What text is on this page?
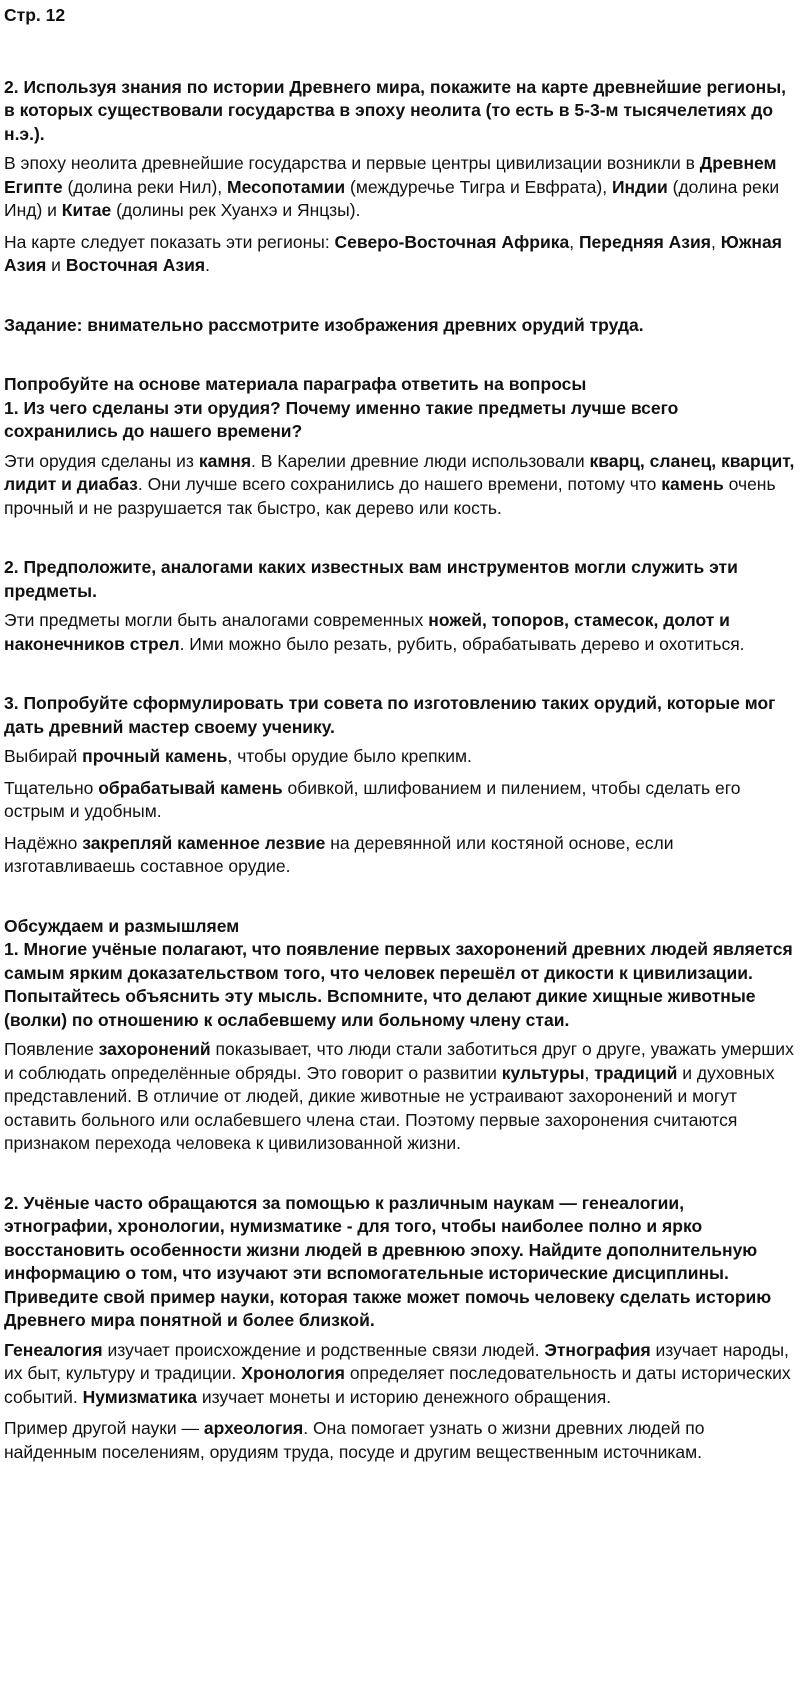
Стр. 12

2. Используя знания по истории Древнего мира, покажите на карте древнейшие регионы, в которых существовали государства в эпоху неолита (то есть в 5-3-м тысячелетиях до н.э.).

В эпоху неолита древнейшие государства и первые центры цивилизации возникли в Древнем Египте (долина реки Нил), Месопотамии (междуречье Тигра и Евфрата), Индии (долина реки Инд) и Китае (долины рек Хуанхэ и Янцзы).

На карте следует показать эти регионы: Северо-Восточная Африка, Передняя Азия, Южная Азия и Восточная Азия.

Задание: внимательно рассмотрите изображения древних орудий труда.

Попробуйте на основе материала параграфа ответить на вопросы

1. Из чего сделаны эти орудия? Почему именно такие предметы лучше всего сохранились до нашего времени?

Эти орудия сделаны из камня. В Карелии древние люди использовали кварц, сланец, кварцит, лидит и диабаз. Они лучше всего сохранились до нашего времени, потому что камень очень прочный и не разрушается так быстро, как дерево или кость.

2. Предположите, аналогами каких известных вам инструментов могли служить эти предметы.

Эти предметы могли быть аналогами современных ножей, топоров, стамесок, долот и наконечников стрел. Ими можно было резать, рубить, обрабатывать дерево и охотиться.

3. Попробуйте сформулировать три совета по изготовлению таких орудий, которые мог дать древний мастер своему ученику.

Выбирай прочный камень, чтобы орудие было крепким.

Тщательно обрабатывай камень обивкой, шлифованием и пилением, чтобы сделать его острым и удобным.

Надёжно закрепляй каменное лезвие на деревянной или костяной основе, если изготавливаешь составное орудие.

Обсуждаем и размышляем

1. Многие учёные полагают, что появление первых захоронений древних людей является самым ярким доказательством того, что человек перешёл от дикости к цивилизации. Попытайтесь объяснить эту мысль. Вспомните, что делают дикие хищные животные (волки) по отношению к ослабевшему или больному члену стаи.

Появление захоронений показывает, что люди стали заботиться друг о друге, уважать умерших и соблюдать определённые обряды. Это говорит о развитии культуры, традиций и духовных представлений. В отличие от людей, дикие животные не устраивают захоронений и могут оставить больного или ослабевшего члена стаи. Поэтому первые захоронения считаются признаком перехода человека к цивилизованной жизни.

2. Учёные часто обращаются за помощью к различным наукам — генеалогии, этнографии, хронологии, нумизматике - для того, чтобы наиболее полно и ярко восстановить особенности жизни людей в древнюю эпоху. Найдите дополнительную информацию о том, что изучают эти вспомогательные исторические дисциплины. Приведите свой пример науки, которая также может помочь человеку сделать историю Древнего мира понятной и более близкой.

Генеалогия изучает происхождение и родственные связи людей. Этнография изучает народы, их быт, культуру и традиции. Хронология определяет последовательность и даты исторических событий. Нумизматика изучает монеты и историю денежного обращения.

Пример другой науки — археология. Она помогает узнать о жизни древних людей по найденным поселениям, орудиям труда, посуде и другим вещественным источникам.
